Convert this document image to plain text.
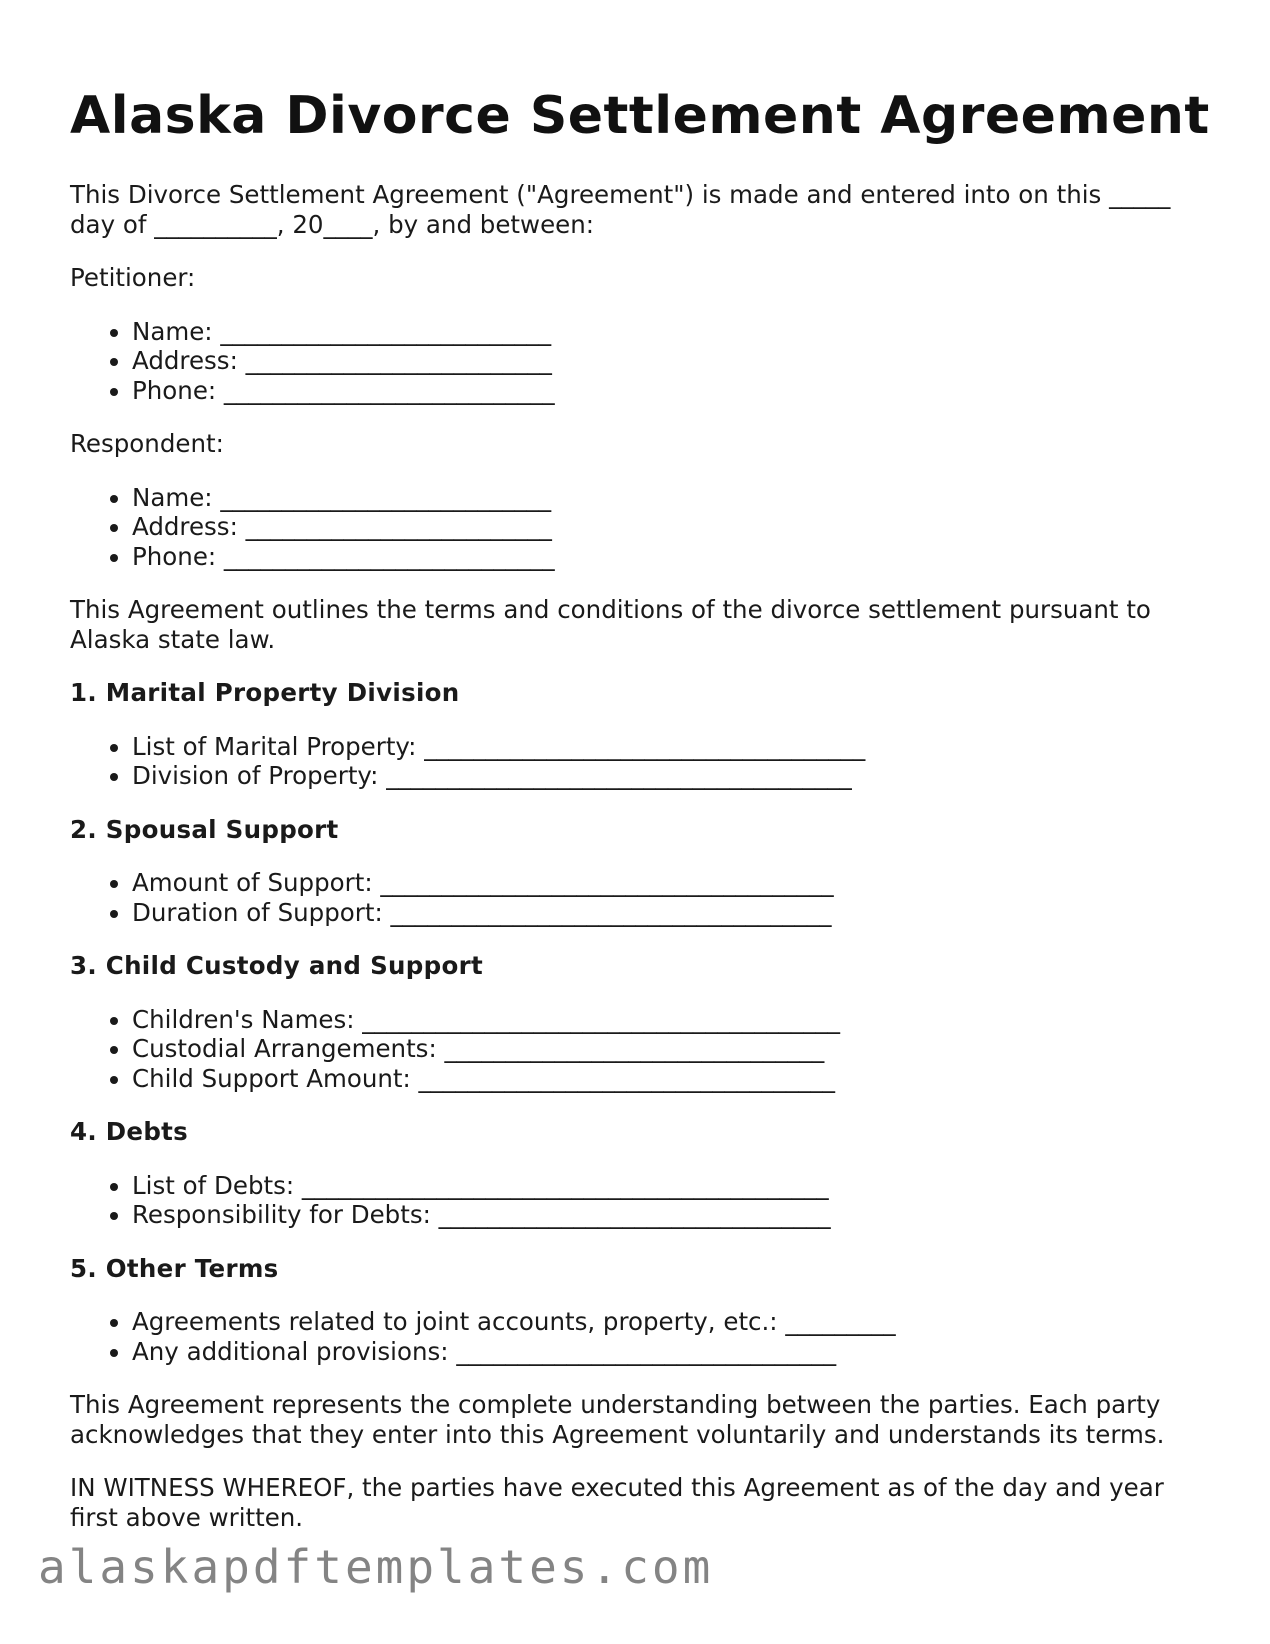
Alaska Divorce Settlement Agreement

This Divorce Settlement Agreement ("Agreement") is made and entered into on this _____ day of __________, 20____, by and between:

Petitioner:

• Name: ___________________________
• Address: _________________________
• Phone: ___________________________

Respondent:

• Name: ___________________________
• Address: _________________________
• Phone: ___________________________

This Agreement outlines the terms and conditions of the divorce settlement pursuant to Alaska state law.

1. Marital Property Division
• List of Marital Property: ____________________________________
• Division of Property: ______________________________________
2. Spousal Support
• Amount of Support: _____________________________________
• Duration of Support: ____________________________________
3. Child Custody and Support
• Children's Names: _______________________________________
• Custodial Arrangements: _______________________________
• Child Support Amount: __________________________________
4. Debts
• List of Debts: ___________________________________________
• Responsibility for Debts: ________________________________
5. Other Terms
• Agreements related to joint accounts, property, etc.: _________
• Any additional provisions: _______________________________

This Agreement represents the complete understanding between the parties. Each party acknowledges that they enter into this Agreement voluntarily and understands its terms.

IN WITNESS WHEREOF, the parties have executed this Agreement as of the day and year first above written.

alaskapdftemplates.com
